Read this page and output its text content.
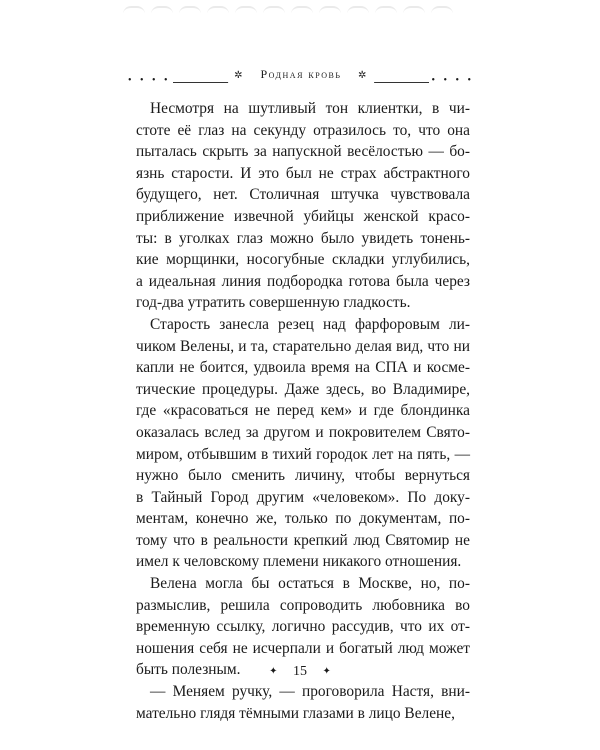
• • • •	• • • •
✲ Родная кровь ✲

Несмотря на шутливый тон клиентки, в чи-

стоте её глаз на секунду отразилось то, что она

пыталась скрыть за напускной весёлостью — бо-

язнь старости. И это был не страх абстрактного

будущего, нет. Столичная штучка чувствовала

приближение извечной убийцы женской красо-

ты: в уголках глаз можно было увидеть тонень-

кие морщинки, носогубные складки углубились,

а идеальная линия подбородка готова была через

год-два утратить совершенную гладкость.

Старость занесла резец над фарфоровым ли-

чиком Велены, и та, старательно делая вид, что ни

капли не боится, удвоила время на СПА и космe-

тические процедуры. Даже здесь, во Владимире,

где «красоваться не перед кем» и где блондинка

оказалась вслед за другом и покровителем Свято-

миром, отбывшим в тихий городок лет на пять, —

нужно было сменить личину, чтобы вернуться

в Тайный Город другим «человеком». По доку-

ментам, конечно же, только по документам, по-

тому что в реальности крепкий люд Святомир не

имел к челoвскому племени никакого отношения.

Велена могла бы остаться в Москве, но, по-

размыслив, решила сопроводить любовника во

временную ссылку, логично рассудив, что их от-

ношения себя не исчерпали и богатый люд может

быть полезным.

— Меняем ручку, — проговорила Настя, вни-

мательно глядя тёмными глазами в лицо Велене,

✦ 15 ✦
